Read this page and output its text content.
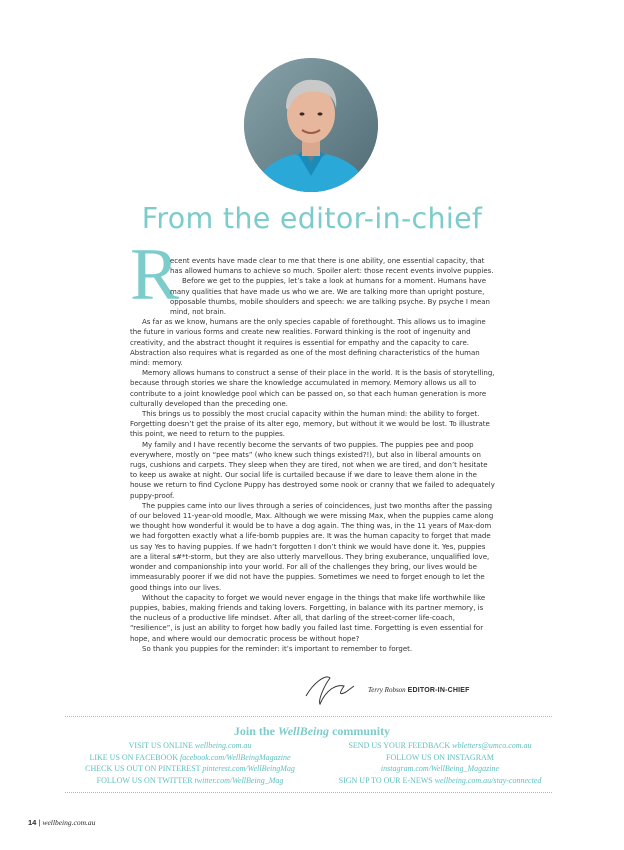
From the editor-in-chief
R

ecent events have made clear to me that there is one ability, one essential capacity, that has allowed humans to achieve so much. Spoiler alert: those recent events involve puppies.

Before we get to the puppies, let’s take a look at humans for a moment. Humans have many qualities that have made us who we are. We are talking more than upright posture, opposable thumbs, mobile shoulders and speech: we are talking psyche. By psyche I mean mind, not brain.

As far as we know, humans are the only species capable of forethought. This allows us to imagine the future in various forms and create new realities. Forward thinking is the root of ingenuity and creativity, and the abstract thought it requires is essential for empathy and the capacity to care. Abstraction also requires what is regarded as one of the most defining characteristics of the human mind: memory.

Memory allows humans to construct a sense of their place in the world. It is the basis of storytelling, because through stories we share the knowledge accumulated in memory. Memory allows us all to contribute to a joint knowledge pool which can be passed on, so that each human generation is more culturally developed than the preceding one.

This brings us to possibly the most crucial capacity within the human mind: the ability to forget. Forgetting doesn’t get the praise of its alter ego, memory, but without it we would be lost. To illustrate this point, we need to return to the puppies.

My family and I have recently become the servants of two puppies. The puppies pee and poop everywhere, mostly on “pee mats” (who knew such things existed?!), but also in liberal amounts on rugs, cushions and carpets. They sleep when they are tired, not when we are tired, and don’t hesitate to keep us awake at night. Our social life is curtailed because if we dare to leave them alone in the house we return to find Cyclone Puppy has destroyed some nook or cranny that we failed to adequately puppy-proof.

The puppies came into our lives through a series of coincidences, just two months after the passing of our beloved 11-year-old moodle, Max. Although we were missing Max, when the puppies came along we thought how wonderful it would be to have a dog again. The thing was, in the 11 years of Max-dom we had forgotten exactly what a life-bomb puppies are. It was the human capacity to forget that made us say Yes to having puppies. If we hadn’t forgotten I don’t think we would have done it. Yes, puppies are a literal s#*t-storm, but they are also utterly marvellous. They bring exuberance, unqualified love, wonder and companionship into your world. For all of the challenges they bring, our lives would be immeasurably poorer if we did not have the puppies. Sometimes we need to forget enough to let the good things into our lives.

Without the capacity to forget we would never engage in the things that make life worthwhile like puppies, babies, making friends and taking lovers. Forgetting, in balance with its partner memory, is the nucleus of a productive life mindset. After all, that darling of the street-corner life-coach, “resilience”, is just an ability to forget how badly you failed last time. Forgetting is even essential for hope, and where would our democratic process be without hope?

So thank you puppies for the reminder: it’s important to remember to forget.

Terry Robson EDITOR-IN-CHIEF
Join the WellBeing community
VISIT US ONLINE wellbeing.com.au
LIKE US ON FACEBOOK facebook.com/WellBeingMagazine
CHECK US OUT ON PINTEREST pinterest.com/WellBeingMag
FOLLOW US ON TWITTER twitter.com/WellBeing_Mag
SEND US YOUR FEEDBACK wbletters@umco.com.au
FOLLOW US ON INSTAGRAM
instagram.com/WellBeing_Magazine
SIGN UP TO OUR E-NEWS wellbeing.com.au/stay-connected
14 | wellbeing.com.au
